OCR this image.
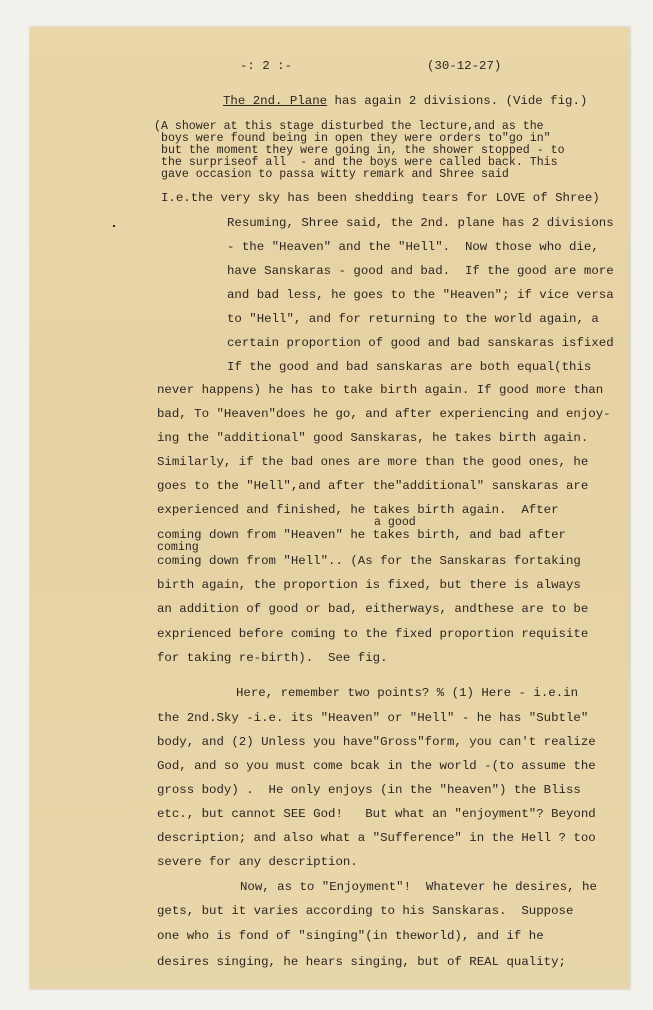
-: 2 :-	(30-12-27)
The 2nd. Plane has again 2 divisions. (Vide fig.)
(A shower at this stage disturbed the lecture,and as the
boys were found being in open they were orders to"go in"
but the moment they were going in, the shower stopped - to
the surpriseof all  - and the boys were called back. This
gave occasion to passa witty remark and Shree said
I.e.the very sky has been shedding tears for LOVE of Shree)
Resuming, Shree said, the 2nd. plane has 2 divisions
- the "Heaven" and the "Hell".  Now those who die,
have Sanskaras - good and bad.  If the good are more
and bad less, he goes to the "Heaven"; if vice versa
to "Hell", and for returning to the world again, a
certain proportion of good and bad sanskaras isfixed
If the good and bad sanskaras are both equal(this
never happens) he has to take birth again. If good more than
bad, To "Heaven"does he go, and after experiencing and enjoy-
ing the "additional" good Sanskaras, he takes birth again.
Similarly, if the bad ones are more than the good ones, he
goes to the "Hell",and after the"additional" sanskaras are
experienced and finished, he takes birth again.  After
a good
coming down from "Heaven" he takes birth, and bad after
coming
coming down from "Hell".. (As for the Sanskaras fortaking
birth again, the proportion is fixed, but there is always
an addition of good or bad, eitherways, andthese are to be
exprienced before coming to the fixed proportion requisite
for taking re-birth).  See fig.
Here, remember two points? % (1) Here - i.e.in
the 2nd.Sky -i.e. its "Heaven" or "Hell" - he has "Subtle"
body, and (2) Unless you have"Gross"form, you can't realize
God, and so you must come bcak in the world -(to assume the
gross body) .  He only enjoys (in the "heaven") the Bliss
etc., but cannot SEE God!   But what an "enjoyment"? Beyond
description; and also what a "Sufference" in the Hell ? too
severe for any description.
Now, as to "Enjoyment"!  Whatever he desires, he
gets, but it varies according to his Sanskaras.  Suppose
one who is fond of "singing"(in theworld), and if he
desires singing, he hears singing, but of REAL quality;
